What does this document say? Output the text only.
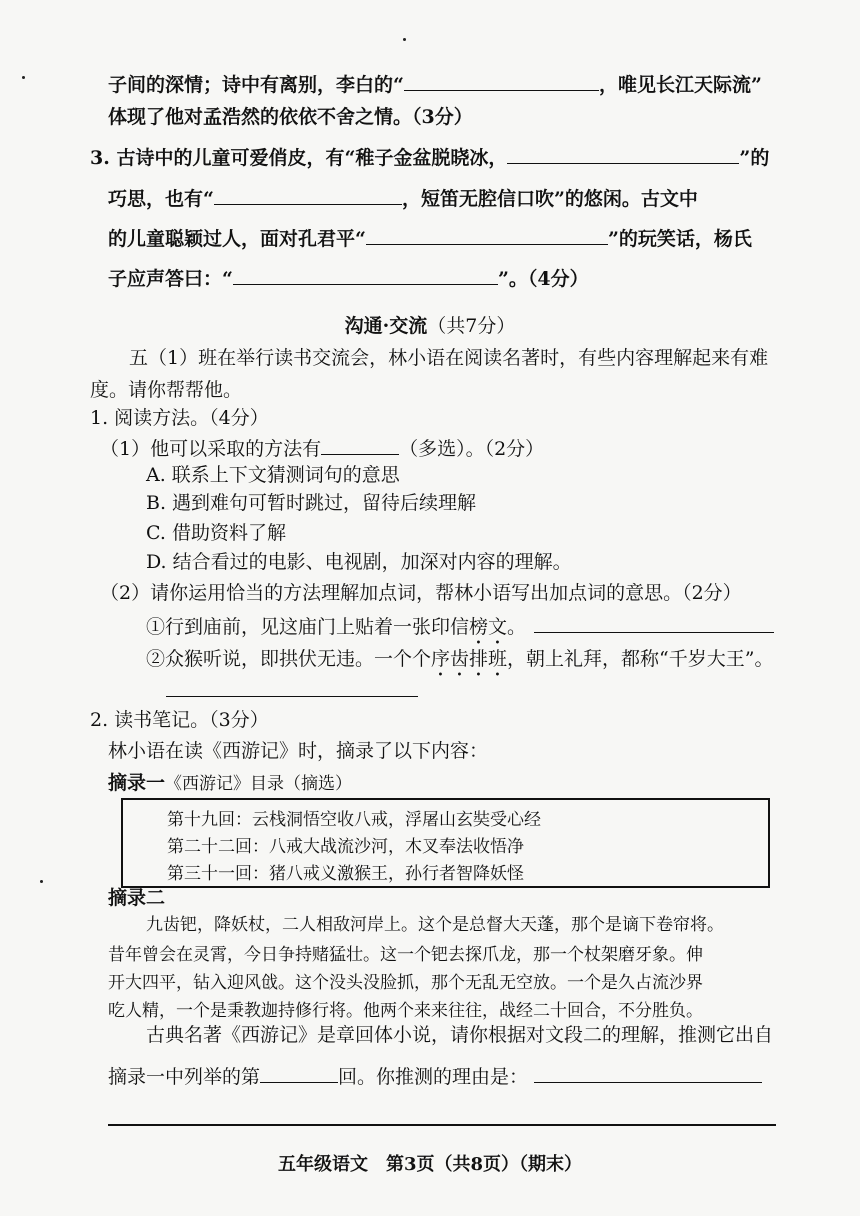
子间的深情；诗中有离别，李白的“	，唯见长江天际流”
体现了他对孟浩然的依依不舍之情。（3分）
3. 古诗中的儿童可爱俏皮，有“稚子金盆脱晓冰，	”的
巧思，也有“	，短笛无腔信口吹”的悠闲。古文中
的儿童聪颖过人，面对孔君平“	”的玩笑话，杨氏
子应声答曰：“	”。（4分）
沟通·交流（共7分）
五（1）班在举行读书交流会，林小语在阅读名著时，有些内容理解起来有难
度。请你帮帮他。
1. 阅读方法。（4分）
（1）他可以采取的方法有	（多选）。（2分）
A. 联系上下文猜测词句的意思
B. 遇到难句可暂时跳过，留待后续理解
C. 借助资料了解
D. 结合看过的电影、电视剧，加深对内容的理解。
（2）请你运用恰当的方法理解加点词，帮林小语写出加点词的意思。（2分）
①行到庙前，见这庙门上贴着一张印信榜文。
②众猴听说，即拱伏无违。一个个序齿排班，朝上礼拜，都称“千岁大王”。
2. 读书笔记。（3分）
林小语在读《西游记》时，摘录了以下内容：
摘录一《西游记》目录（摘选）
第十九回：云栈洞悟空收八戒，浮屠山玄奘受心经
第二十二回：八戒大战流沙河，木叉奉法收悟净
第三十一回：猪八戒义激猴王，孙行者智降妖怪
摘录二
九齿钯，降妖杖，二人相敌河岸上。这个是总督大天蓬，那个是谪下卷帘将。
昔年曾会在灵霄，今日争持赌猛壮。这一个钯去探爪龙，那一个杖架磨牙象。伸
开大四平，钻入迎风戗。这个没头没脸抓，那个无乱无空放。一个是久占流沙界
吃人精，一个是秉教迦持修行将。他两个来来往往，战经二十回合，不分胜负。
古典名著《西游记》是章回体小说，请你根据对文段二的理解，推测它出自
摘录一中列举的第	回。你推测的理由是：
五年级语文　第3页（共8页）（期末）
